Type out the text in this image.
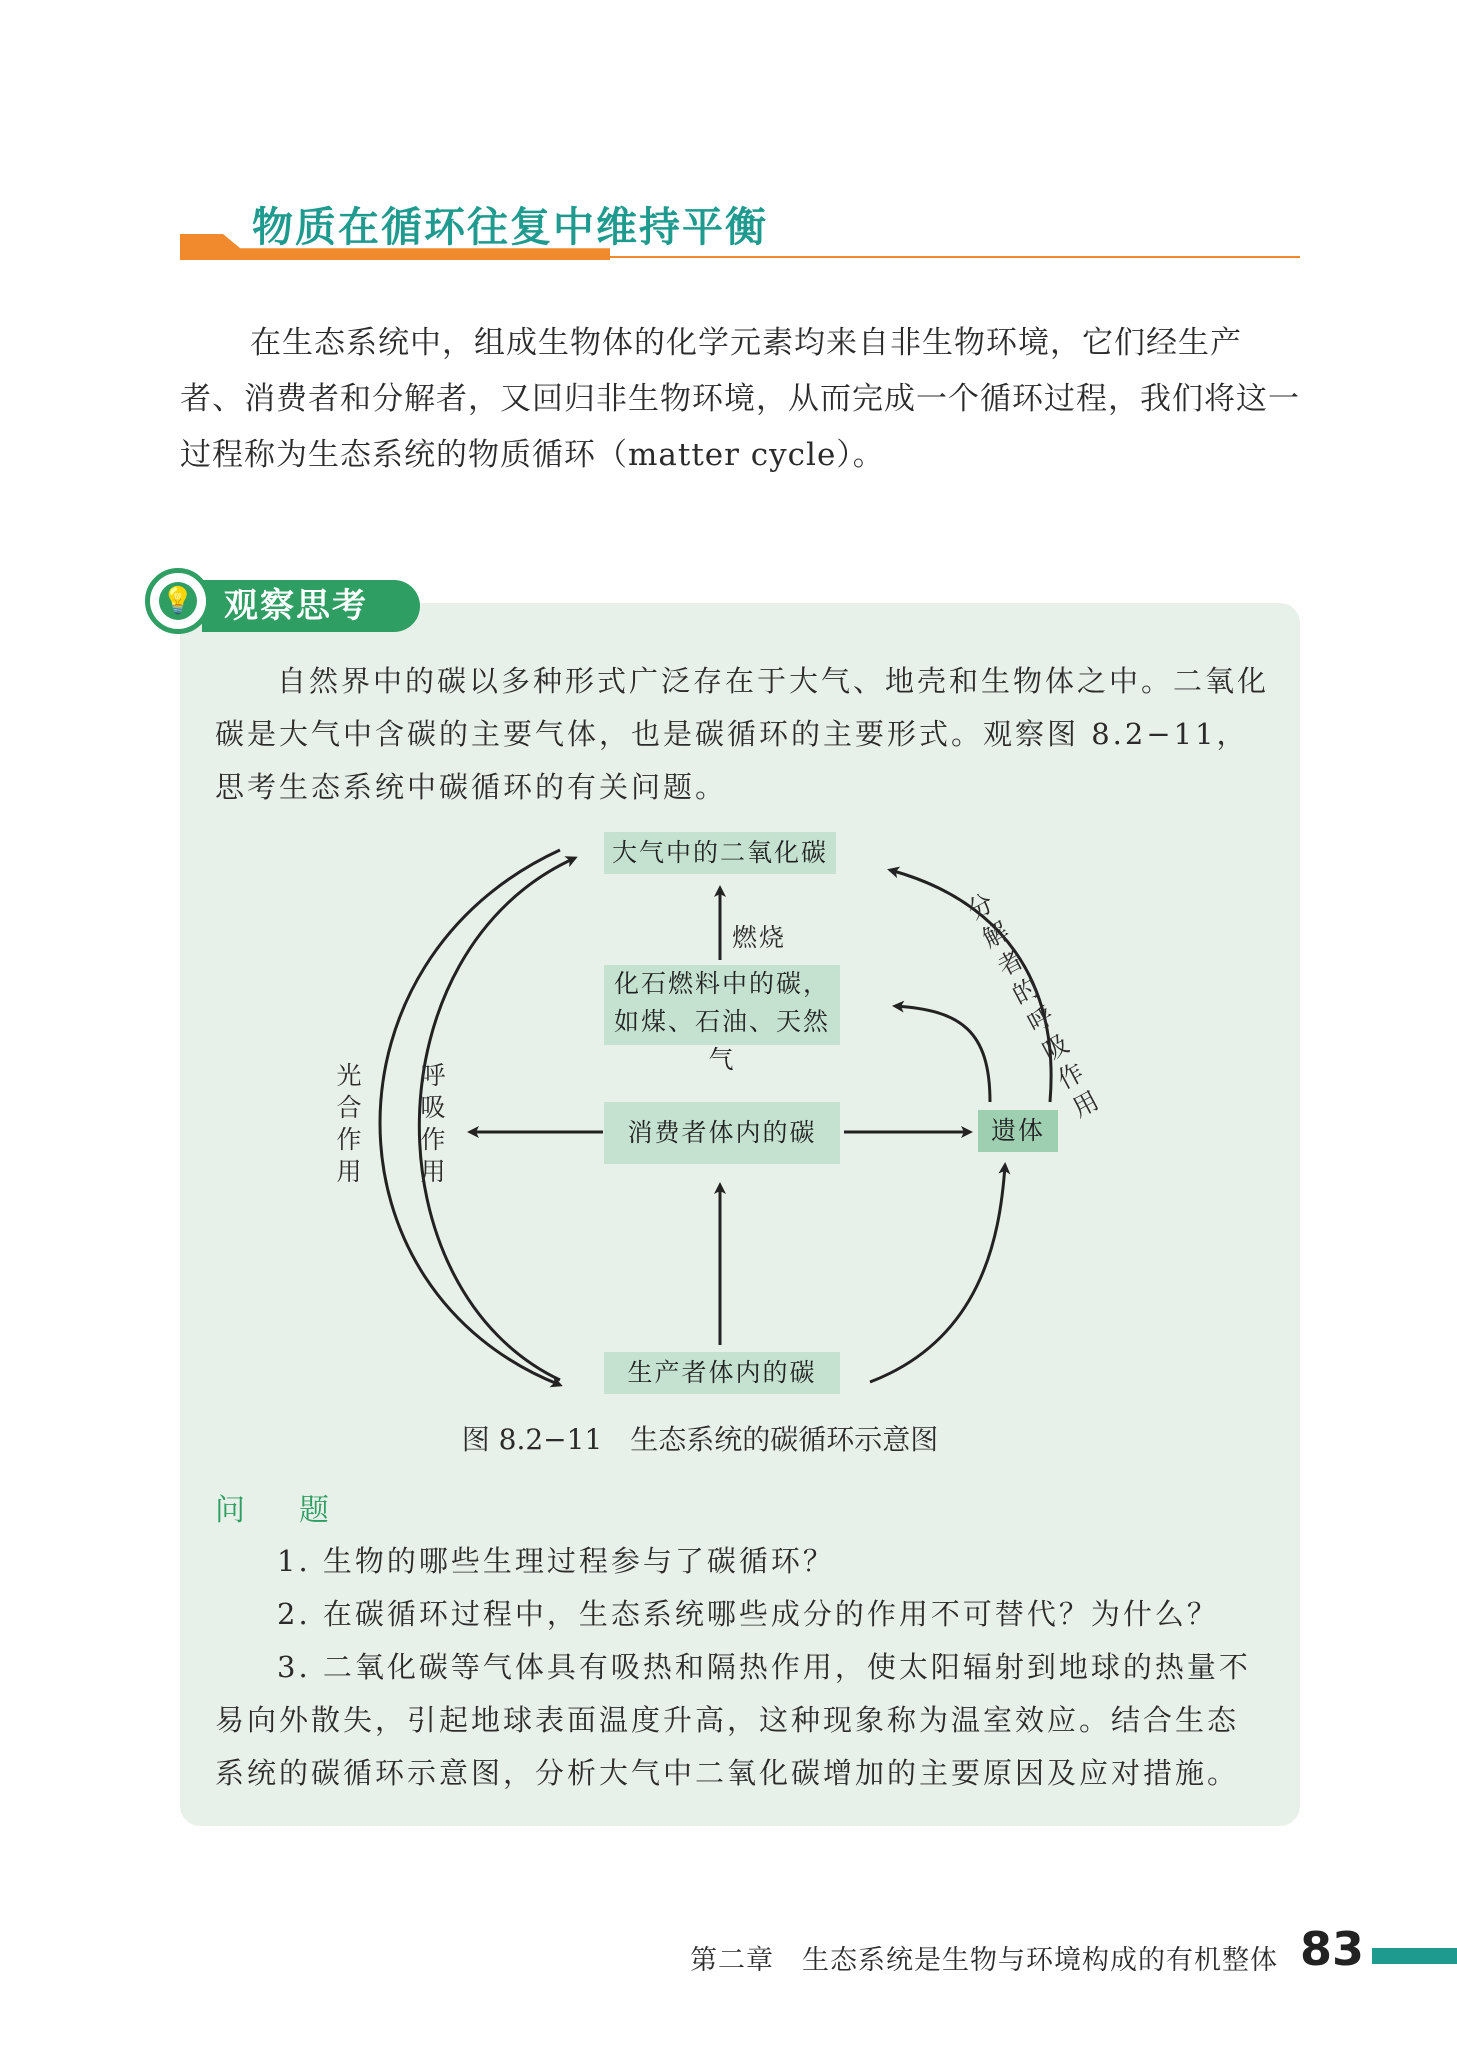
物质在循环往复中维持平衡

在生态系统中，组成生物体的化学元素均来自非生物环境，它们经生产者、消费者和分解者，又回归非生物环境，从而完成一个循环过程，我们将这一过程称为生态系统的物质循环（matter cycle）。

观察思考
💡

自然界中的碳以多种形式广泛存在于大气、地壳和生物体之中。二氧化碳是大气中含碳的主要气体，也是碳循环的主要形式。观察图 8.2−11，思考生态系统中碳循环的有关问题。

大气中的二氧化碳
化石燃料中的碳，
如煤、石油、天然气
消费者体内的碳	遗体
生产者体内的碳
燃烧
光合作用
呼吸作用
分解者的呼吸作用
图 8.2−11　生态系统的碳循环示意图
问　题

1. 生物的哪些生理过程参与了碳循环？

2. 在碳循环过程中，生态系统哪些成分的作用不可替代？为什么？

3. 二氧化碳等气体具有吸热和隔热作用，使太阳辐射到地球的热量不易向外散失，引起地球表面温度升高，这种现象称为温室效应。结合生态系统的碳循环示意图，分析大气中二氧化碳增加的主要原因及应对措施。

第二章　生态系统是生物与环境构成的有机整体 83
